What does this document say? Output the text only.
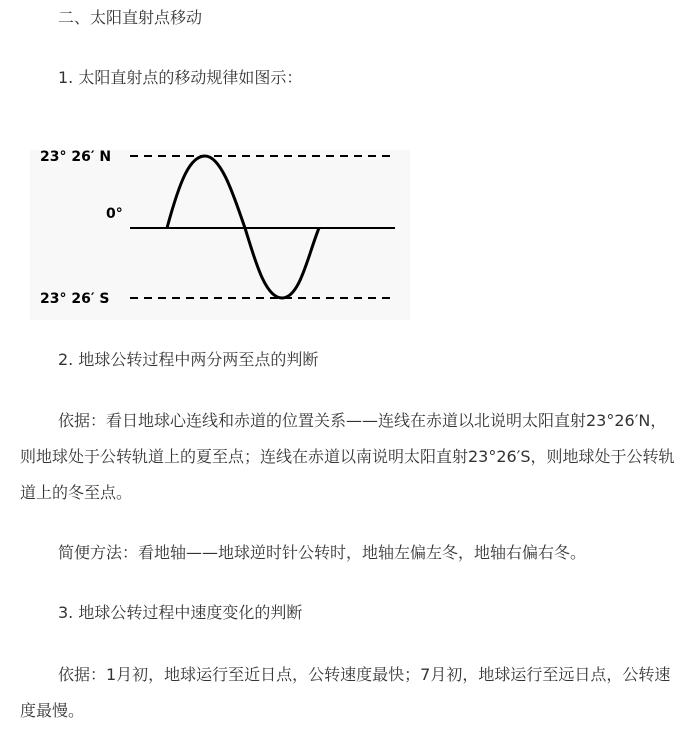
二、太阳直射点移动
1. 太阳直射点的移动规律如图示：
23° 26′ N
0°
23° 26′ S
2. 地球公转过程中两分两至点的判断
依据：看日地球心连线和赤道的位置关系——连线在赤道以北说明太阳直射23°26′N，则地球处于公转轨道上的夏至点；连线在赤道以南说明太阳直射23°26′S，则地球处于公转轨道上的冬至点。
简便方法：看地轴——地球逆时针公转时，地轴左偏左冬，地轴右偏右冬。
3. 地球公转过程中速度变化的判断
依据：1月初，地球运行至近日点，公转速度最快；7月初，地球运行至远日点，公转速度最慢。
